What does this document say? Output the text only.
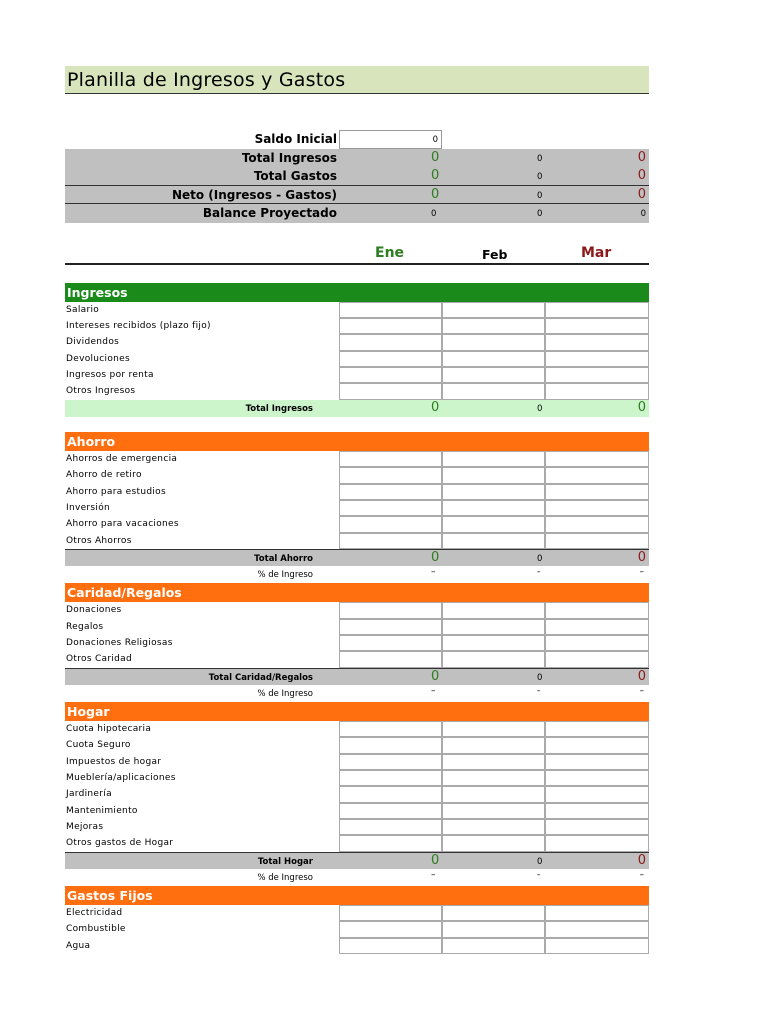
Planilla de Ingresos y Gastos
Saldo Inicial	0
Total Ingresos	0	0	0
Total Gastos	0	0	0
Neto (Ingresos - Gastos)	0	0	0
Balance Proyectado	0	0	0
Ene	Feb	Mar
Ingresos
Salario
Intereses recibidos (plazo fijo)
Dividendos
Devoluciones
Ingresos por renta
Otros Ingresos
Total Ingresos	0	0	0
Ahorro
Ahorros de emergencia
Ahorro de retiro
Ahorro para estudios
Inversión
Ahorro para vacaciones
Otros Ahorros
Total Ahorro	0	0	0
% de Ingreso	–	-	–
Caridad/Regalos
Donaciones
Regalos
Donaciones Religiosas
Otros Caridad
Total Caridad/Regalos	0	0	0
% de Ingreso	–	-	–
Hogar
Cuota hipotecaria
Cuota Seguro
Impuestos de hogar
Mueblería/aplicaciones
Jardinería
Mantenimiento
Mejoras
Otros gastos de Hogar
Total Hogar	0	0	0
% de Ingreso	–	-	–
Gastos Fijos
Electricidad
Combustible
Agua
